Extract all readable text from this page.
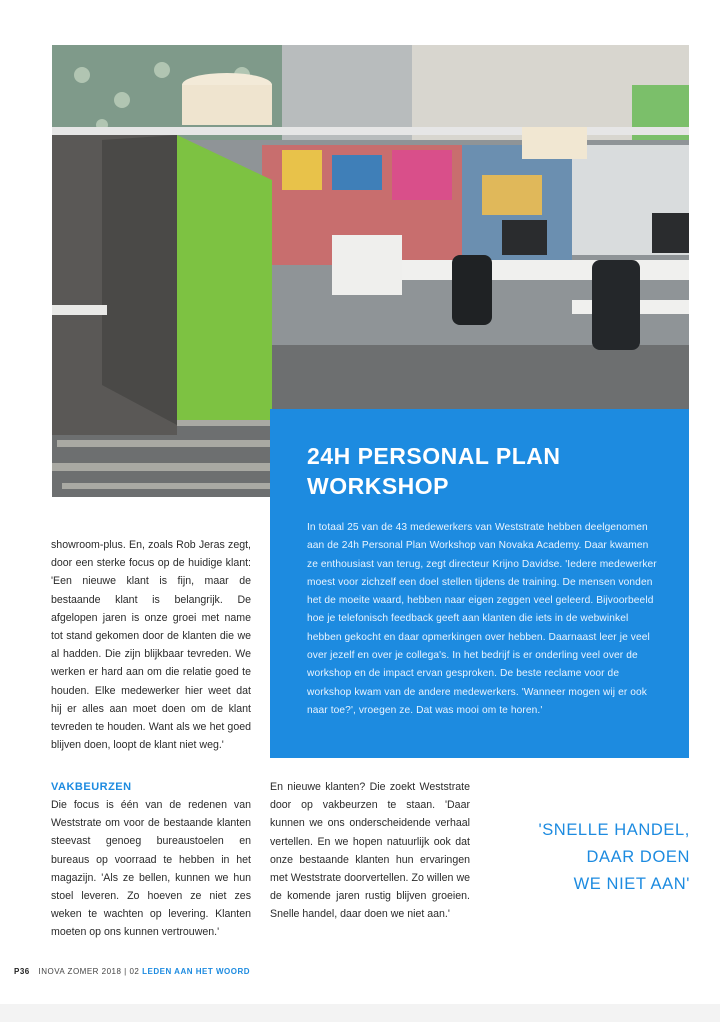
24H PERSONAL PLAN
WORKSHOP

In totaal 25 van de 43 medewerkers van Weststrate hebben deelgenomen aan de 24h Personal Plan Workshop van Novaka Academy. Daar kwamen ze enthousiast van terug, zegt directeur Krijno Davidse. 'Iedere medewerker moest voor zichzelf een doel stellen tijdens de training. De mensen vonden het de moeite waard, hebben naar eigen zeggen veel geleerd. Bijvoorbeeld hoe je telefonisch feedback geeft aan klanten die iets in de webwinkel hebben gekocht en daar opmerkingen over hebben. Daarnaast leer je veel over jezelf en over je collega's. In het bedrijf is er onderling veel over de workshop en de impact ervan gesproken. De beste reclame voor de workshop kwam van de andere medewerkers. 'Wanneer mogen wij er ook naar toe?', vroegen ze. Dat was mooi om te horen.'

showroom-plus. En, zoals Rob Jeras zegt, door een sterke focus op de huidige klant: 'Een nieuwe klant is fijn, maar de bestaande klant is belangrijk. De afgelopen jaren is onze groei met name tot stand gekomen door de klanten die we al hadden. Die zijn blijkbaar tevreden. We werken er hard aan om die relatie goed te houden. Elke medewerker hier weet dat hij er alles aan moet doen om de klant tevreden te houden. Want als we het goed blijven doen, loopt de klant niet weg.'
VAKBEURZEN
Die focus is één van de redenen van Weststrate om voor de bestaande klanten steevast genoeg bureaustoelen en bureaus op voorraad te hebben in het magazijn. 'Als ze bellen, kunnen we hun stoel leveren. Zo hoeven ze niet zes weken te wachten op levering. Klanten moeten op ons kunnen vertrouwen.'
En nieuwe klanten? Die zoekt Weststrate door op vakbeurzen te staan. 'Daar kunnen we ons onderscheidende verhaal vertellen. En we hopen natuurlijk ook dat onze bestaande klanten hun ervaringen met Weststrate doorvertellen. Zo willen we de komende jaren rustig blijven groeien. Snelle handel, daar doen we niet aan.'
'SNELLE HANDEL,
DAAR DOEN
WE NIET AAN'
P36 INOVA ZOMER 2018 | 02 LEDEN AAN HET WOORD
